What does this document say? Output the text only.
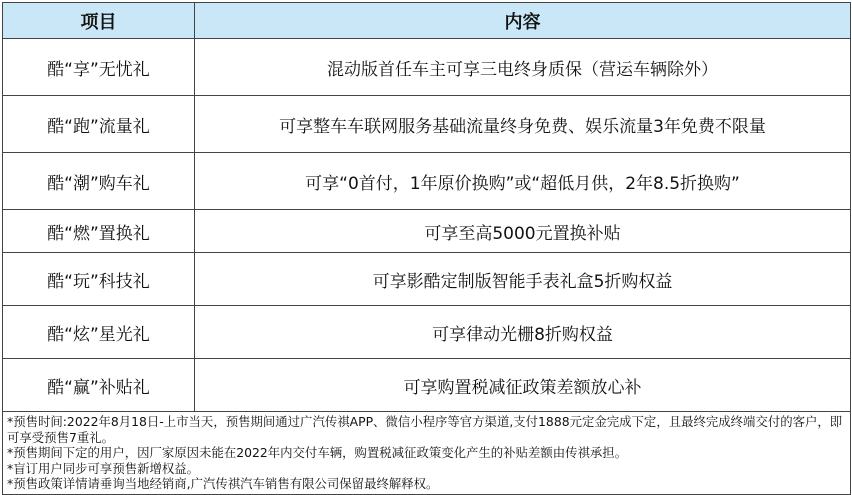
项目	内容
酷“享”无忧礼	混动版首任车主可享三电终身质保（营运车辆除外）
酷“跑”流量礼	可享整车车联网服务基础流量终身免费、娱乐流量3年免费不限量
酷“潮”购车礼	可享“0首付，1年原价换购”或“超低月供，2年8.5折换购”
酷“燃”置换礼	可享至高5000元置换补贴
酷“玩”科技礼	可享影酷定制版智能手表礼盒5折购权益
酷“炫”星光礼	可享律动光栅8折购权益
酷“赢”补贴礼	可享购置税减征政策差额放心补

*预售时间:2022年8月18日-上市当天，预售期间通过广汽传祺APP、微信小程序等官方渠道,支付1888元定金完成下定，且最终完成终端交付的客户，即可享受预售7重礼。
*预售期间下定的用户，因厂家原因未能在2022年内交付车辆，购置税减征政策变化产生的补贴差额由传祺承担。
*盲订用户同步可享预售新增权益。
*预售政策详情请垂询当地经销商,广汽传祺汽车销售有限公司保留最终解释权。	
